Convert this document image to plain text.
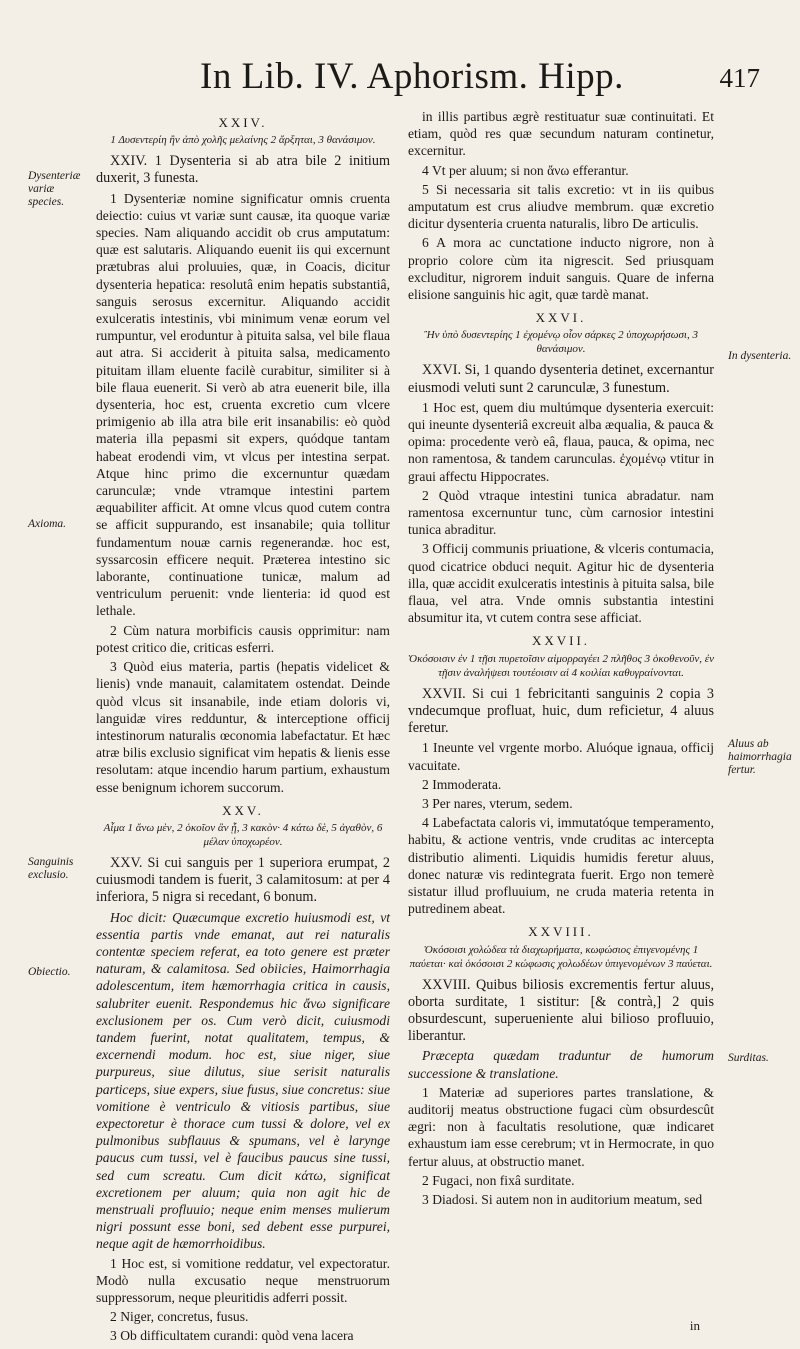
In Lib. IV. Aphorism. Hipp.	417
XXIV.
1 Δυσεντερίη ἢν ἀπὸ χολῆς μελαίνης 2 ἄρξηται, 3 θανάσιμον.

XXIV. 1 Dysenteria si ab atra bile 2 initium duxerit, 3 funesta.

1 Dysenteriæ nomine significatur omnis cruenta deiectio: cuius vt variæ sunt causæ, ita quoque variæ species. Nam aliquando accidit ob crus amputatum: quæ est salutaris. Aliquando euenit iis qui excernunt prætubras alui proluuies, quæ, in Coacis, dicitur dysenteria hepatica: resolutâ enim hepatis substantiâ, sanguis serosus excernitur. Aliquando accidit exulceratis intestinis, vbi minimum venæ eorum vel rumpuntur, vel eroduntur à pituita salsa, vel bile flaua aut atra. Si acciderit à pituita salsa, medicamento pituitam illam eluente facilè curabitur, similiter si à bile flaua euenerit. Si verò ab atra euenerit bile, illa dysenteria, hoc est, cruenta excretio cum vlcere primigenio ab illa atra bile erit insanabilis: eò quòd materia illa pepasmi sit expers, quódque tantam habeat erodendi vim, vt vlcus per intestina serpat. Atque hinc primo die excernuntur quædam carunculæ; vnde vtramque intestini partem æquabiliter afficit. At omne vlcus quod cutem contra se afficit suppurando, est insanabile; quia tollitur fundamentum nouæ carnis regenerandæ. hoc est, syssarcosin efficere nequit. Præterea intestino sic laborante, continuatione tunicæ, malum ad ventriculum peruenit: vnde lienteria: id quod est lethale.

2 Cùm natura morbificis causis opprimitur: nam potest critico die, criticas esferri.

3 Quòd eius materia, partis (hepatis videlicet & lienis) vnde manauit, calamitatem ostendat. Deinde quòd vlcus sit insanabile, inde etiam doloris vi, languidæ vires redduntur, & interceptione officij intestinorum naturalis œconomia labefactatur. Et hæc atræ bilis exclusio significat vim hepatis & lienis esse resolutam: atque incendio harum partium, exhaustum esse benignum ichorem succorum.

XXV.
Αἷμα 1 ἄνω μὲν, 2 ὁκοῖον ἂν ᾖ, 3 κακὸν· 4 κάτω δὲ, 5 ἀγαθὸν, 6 μέλαν ὑποχωρέον.

XXV. Si cui sanguis per 1 superiora erumpat, 2 cuiusmodi tandem is fuerit, 3 calamitosum: at per 4 inferiora, 5 nigra si recedant, 6 bonum.

Hoc dicit: Quæcumque excretio huiusmodi est, vt essentia partis vnde emanat, aut rei naturalis contentæ speciem referat, ea toto genere est præter naturam, & calamitosa. Sed obiicies, Haimorrhagia adolescentum, item hæmorrhagia critica in causis, salubriter euenit. Respondemus hic ἄνω significare exclusionem per os. Cum verò dicit, cuiusmodi tandem fuerint, notat qualitatem, tempus, & excernendi modum. hoc est, siue niger, siue purpureus, siue dilutus, siue serisit naturalis particeps, siue expers, siue fusus, siue concretus: siue vomitione è ventriculo & vitiosis partibus, siue expectoretur è thorace cum tussi & dolore, vel ex pulmonibus subflauus & spumans, vel è larynge paucus cum tussi, vel è faucibus paucus sine tussi, sed cum screatu. Cum dicit κάτω, significat excretionem per aluum; quia non agit hic de menstruali profluuio; neque enim menses mulierum nigri possunt esse boni, sed debent esse purpurei, neque agit de hæmorrhoidibus.

1 Hoc est, si vomitione reddatur, vel expectoratur. Modò nulla excusatio neque menstruorum suppressorum, neque pleuritidis adferri possit.

2 Niger, concretus, fusus.

3 Ob difficultatem curandi: quòd vena lacera

in illis partibus ægrè restituatur suæ continuitati. Et etiam, quòd res quæ secundum naturam continetur, excernitur.

4 Vt per aluum; si non ἄνω efferantur.

5 Si necessaria sit talis excretio: vt in iis quibus amputatum est crus aliudve membrum. quæ excretio dicitur dysenteria cruenta naturalis, libro De articulis.

6 A mora ac cunctatione inducto nigrore, non à proprio colore cùm ita nigrescit. Sed priusquam excluditur, nigrorem induit sanguis. Quare de inferna elisione sanguinis hic agit, quæ tardè manat.

XXVI.
Ἢν ὑπὸ δυσεντερίης 1 ἐχομένῳ οἷον σάρκες 2 ὑποχωρήσωσι, 3 θανάσιμον.

XXVI. Si, 1 quando dysenteria detinet, excernantur eiusmodi veluti sunt 2 carunculæ, 3 funestum.

1 Hoc est, quem diu multúmque dysenteria exercuit: qui ineunte dysenteriâ excreuit alba æqualia, & pauca & opima: procedente verò eâ, flaua, pauca, & opima, nec non ramentosa, & tandem carunculas. ἐχομένῳ vtitur in graui affectu Hippocrates.

2 Quòd vtraque intestini tunica abradatur. nam ramentosa excernuntur tunc, cùm carnosior intestini tunica abraditur.

3 Officij communis priuatione, & vlceris contumacia, quod cicatrice obduci nequit. Agitur hic de dysenteria illa, quæ accidit exulceratis intestinis à pituita salsa, bile flaua, vel atra. Vnde omnis substantia intestini absumitur ita, vt cutem contra sese afficiat.

XXVII.
Ὁκόσοισιν ἐν 1 τῇσι πυρετοῖσιν αἱμορραγέει 2 πλῆθος 3 ὁκοθενοῦν, ἐν τῇσιν ἀναλήψεσι τουτέοισιν αἱ 4 κοιλίαι καθυγραίνονται.

XXVII. Si cui 1 febricitanti sanguinis 2 copia 3 vndecumque profluat, huic, dum reficietur, 4 aluus feretur.

1 Ineunte vel vrgente morbo. Aluóque ignaua, officij vacuitate.

2 Immoderata.

3 Per nares, vterum, sedem.

4 Labefactata caloris vi, immutatóque temperamento, habitu, & actione ventris, vnde cruditas ac intercepta distributio alimenti. Liquidis humidis feretur aluus, donec naturæ vis redintegrata fuerit. Ergo non temerè sistatur illud profluuium, ne cruda materia retenta in putredinem abeat.

XXVIII.
Ὁκόσοισι χολώδεα τὰ διαχωρήματα, κωφώσιος ἐπιγενομένης 1 παύεται· καὶ ὁκόσοισι 2 κώφωσις χολωδέων ὑπιγενομένων 3 παύεται.

XXVIII. Quibus biliosis excrementis fertur aluus, oborta surditate, 1 sistitur: [& contrà,] 2 quis obsurdescunt, superueniente alui bilioso profluuio, liberantur.

Præcepta quædam traduntur de humorum successione & translatione.

1 Materiæ ad superiores partes translatione, & auditorij meatus obstructione fugaci cùm obsurdescût ægri: non à facultatis resolutione, quæ indicaret exhaustum iam esse cerebrum; vt in Hermocrate, in quo fertur aluus, at obstructio manet.

2 Fugaci, non fixâ surditate.

3 Diadosi. Si autem non in auditorium meatum, sed

Dysenteriæ variæ species.
Axioma.
Sanguinis exclusio.
Obiectio.
In dysenteria.
Aluus ab haimorrhagia fertur.
Surditas.
in
